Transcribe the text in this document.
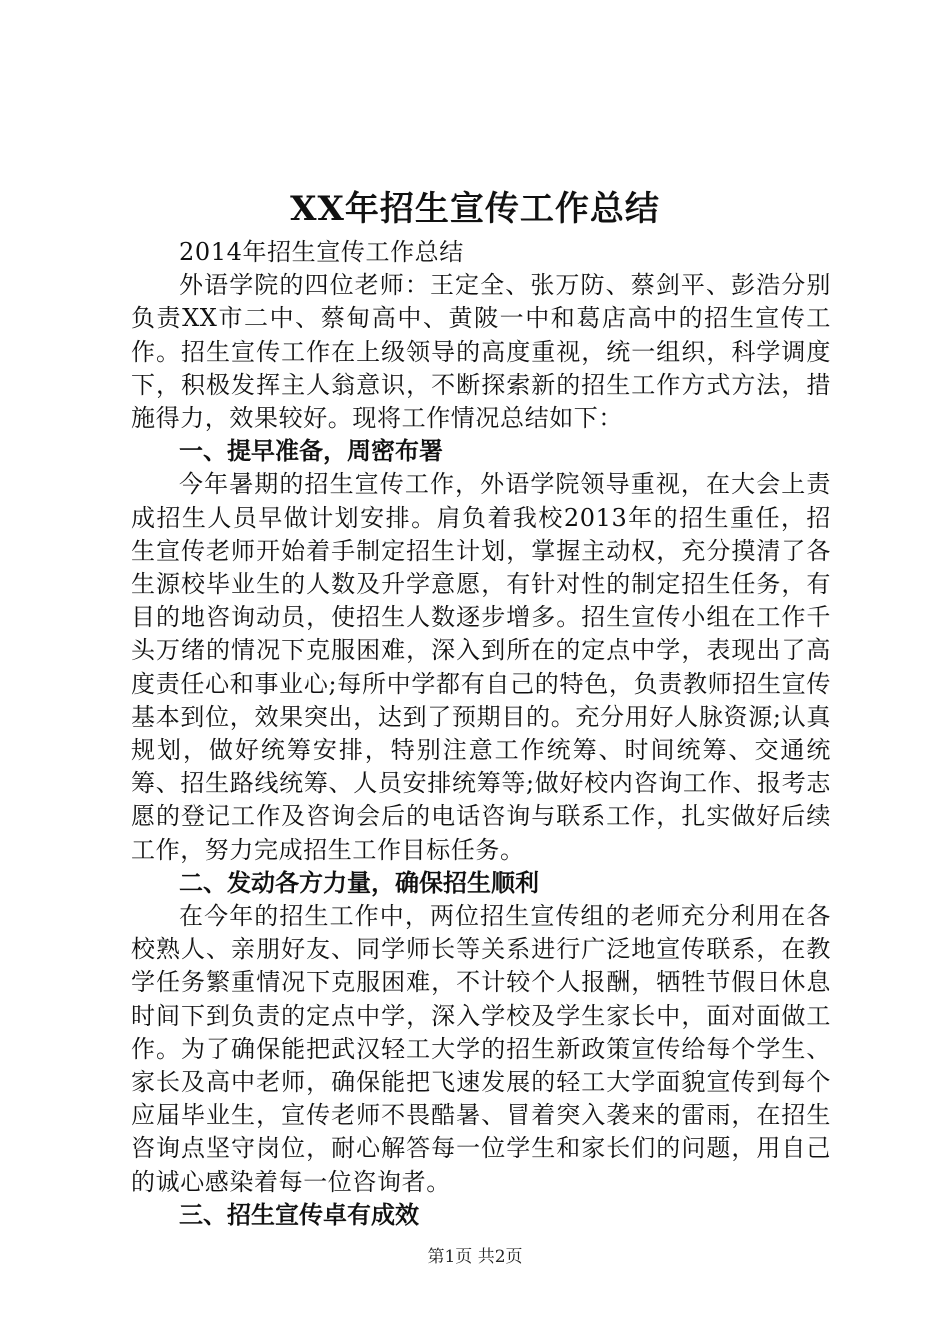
XX年招生宣传工作总结

2014年招生宣传工作总结

外语学院的四位老师：王定全、张万防、蔡剑平、彭浩分别负责XX市二中、蔡甸高中、黄陂一中和葛店高中的招生宣传工作。招生宣传工作在上级领导的高度重视，统一组织，科学调度下，积极发挥主人翁意识，不断探索新的招生工作方式方法，措施得力，效果较好。现将工作情况总结如下：

一、提早准备，周密布署

今年暑期的招生宣传工作，外语学院领导重视，在大会上责成招生人员早做计划安排。肩负着我校2013年的招生重任，招生宣传老师开始着手制定招生计划，掌握主动权，充分摸清了各生源校毕业生的人数及升学意愿，有针对性的制定招生任务，有目的地咨询动员，使招生人数逐步增多。招生宣传小组在工作千头万绪的情况下克服困难，深入到所在的定点中学，表现出了高度责任心和事业心;每所中学都有自己的特色，负责教师招生宣传基本到位，效果突出，达到了预期目的。充分用好人脉资源;认真规划，做好统筹安排，特别注意工作统筹、时间统筹、交通统筹、招生路线统筹、人员安排统筹等;做好校内咨询工作、报考志愿的登记工作及咨询会后的电话咨询与联系工作，扎实做好后续工作，努力完成招生工作目标任务。

二、发动各方力量，确保招生顺利

在今年的招生工作中，两位招生宣传组的老师充分利用在各校熟人、亲朋好友、同学师长等关系进行广泛地宣传联系，在教学任务繁重情况下克服困难，不计较个人报酬，牺牲节假日休息时间下到负责的定点中学，深入学校及学生家长中，面对面做工作。为了确保能把武汉轻工大学的招生新政策宣传给每个学生、家长及高中老师，确保能把飞速发展的轻工大学面貌宣传到每个应届毕业生，宣传老师不畏酷暑、冒着突入袭来的雷雨，在招生咨询点坚守岗位，耐心解答每一位学生和家长们的问题，用自己的诚心感染着每一位咨询者。

三、招生宣传卓有成效

第1页 共2页
